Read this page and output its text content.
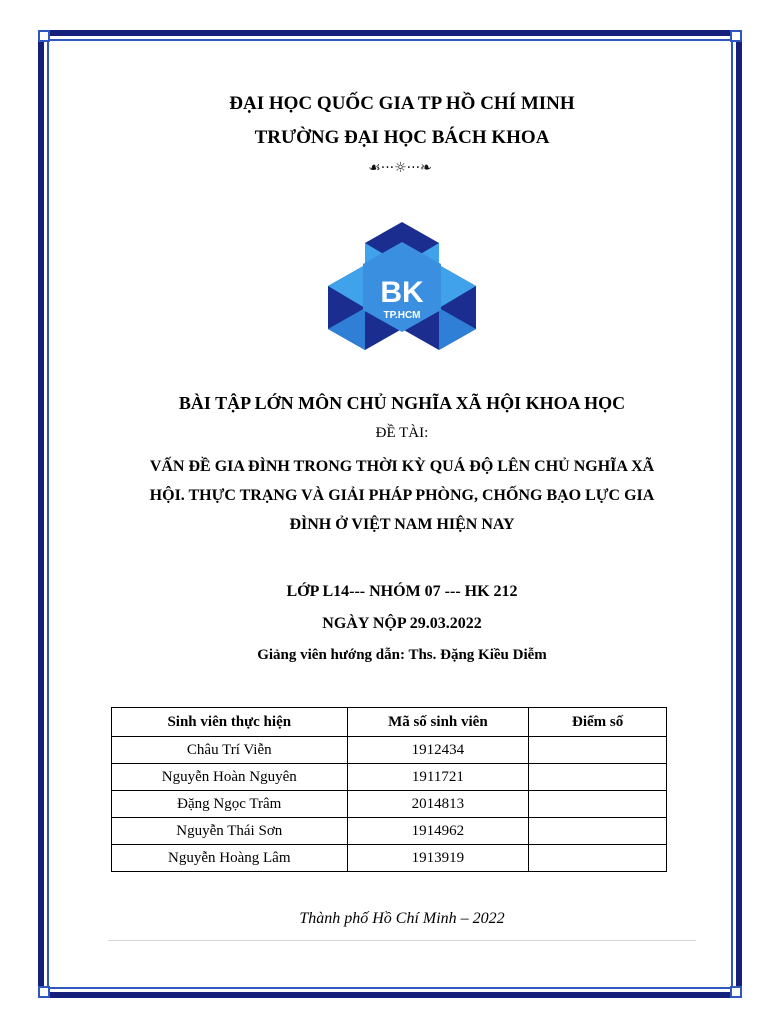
ĐẠI HỌC QUỐC GIA TP HỒ CHÍ MINH
TRƯỜNG ĐẠI HỌC BÁCH KHOA
☙···☼···❧
BK
TP.HCM
BÀI TẬP LỚN MÔN CHỦ NGHĨA XÃ HỘI KHOA HỌC
ĐỀ TÀI:
VẤN ĐỀ GIA ĐÌNH TRONG THỜI KỲ QUÁ ĐỘ LÊN CHỦ NGHĨA XÃ
HỘI. THỰC TRẠNG VÀ GIẢI PHÁP PHÒNG, CHỐNG BẠO LỰC GIA
ĐÌNH Ở VIỆT NAM HIỆN NAY
LỚP L14--- NHÓM 07 --- HK 212
NGÀY NỘP 29.03.2022
Giảng viên hướng dẫn: Ths. Đặng Kiều Diễm
Sinh viên thực hiện	Mã số sinh viên	Điểm số
Châu Trí Viễn	1912434	
Nguyễn Hoàn Nguyên	1911721	
Đặng Ngọc Trâm	2014813	
Nguyễn Thái Sơn	1914962	
Nguyễn Hoàng Lâm	1913919	
Thành phố Hồ Chí Minh – 2022
